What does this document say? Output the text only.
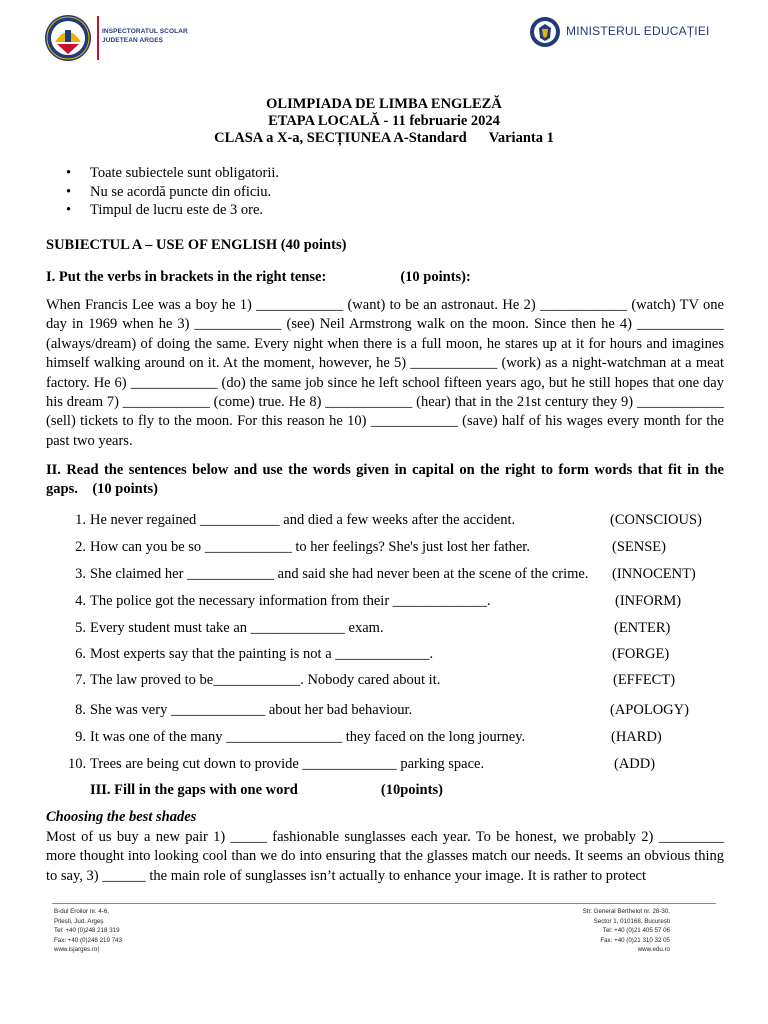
INSPECTORATUL ȘCOLAR
JUDEȚEAN ARGEȘ
MINISTERUL EDUCAȚIEI
OLIMPIADA DE LIMBA ENGLEZĂ
ETAPA LOCALĂ - 11 februarie 2024
CLASA a X-a, SECȚIUNEA A-Standard Varianta 1
• Toate subiectele sunt obligatorii.
• Nu se acordă puncte din oficiu.
• Timpul de lucru este de 3 ore.
SUBIECTUL A – USE OF ENGLISH (40 points)
I. Put the verbs in brackets in the right tense:	(10 points):
When Francis Lee was a boy he 1) ____________ (want) to be an astronaut. He 2) ____________ (watch) TV one day in 1969 when he 3) ____________ (see) Neil Armstrong walk on the moon. Since then he 4) ____________ (always/dream) of doing the same. Every night when there is a full moon, he stares up at it for hours and imagines himself walking around on it. At the moment, however, he 5) ____________ (work) as a night-watchman at a meat factory. He 6) ____________ (do) the same job since he left school fifteen years ago, but he still hopes that one day his dream 7) ____________ (come) true. He 8) ____________ (hear) that in the 21st century they 9) ____________ (sell) tickets to fly to the moon. For this reason he 10) ____________ (save) half of his wages every month for the past two years.
II. Read the sentences below and use the words given in capital on the right to form words that fit in the gaps. (10 points)
1. He never regained ___________ and died a few weeks after the accident.	(CONSCIOUS)
2. How can you be so ____________ to her feelings? She's just lost her father.	(SENSE)
3. She claimed her ____________ and said she had never been at the scene of the crime. (INNOCENT)
4. The police got the necessary information from their _____________.	(INFORM)
5. Every student must take an _____________ exam.	(ENTER)
6. Most experts say that the painting is not a _____________.	(FORGE)
7. The law proved to be____________. Nobody cared about it.	(EFFECT)
8. She was very _____________ about her bad behaviour.	(APOLOGY)
9. It was one of the many ________________ they faced on the long journey.	(HARD)
10. Trees are being cut down to provide _____________ parking space.	(ADD)
III. Fill in the gaps with one word	(10points)
Choosing the best shades
Most of us buy a new pair 1) _____ fashionable sunglasses each year. To be honest, we probably 2) _________ more thought into looking cool than we do into ensuring that the glasses match our needs. It seems an obvious thing to say, 3) ______ the main role of sunglasses isn’t actually to enhance your image. It is rather to protect
B-dul Eroilor nr. 4-6,
Pitești, Jud. Argeș
Tel: +40 (0)248 218 319
Fax: +40 (0)248 219 743
www.isjarges.ro|
Str. General Berthelot nr. 28-30,
Sector 1, 010168, București
Tel: +40 (0)21 405 57 06
Fax: +40 (0)21 310 32 05
www.edu.ro
